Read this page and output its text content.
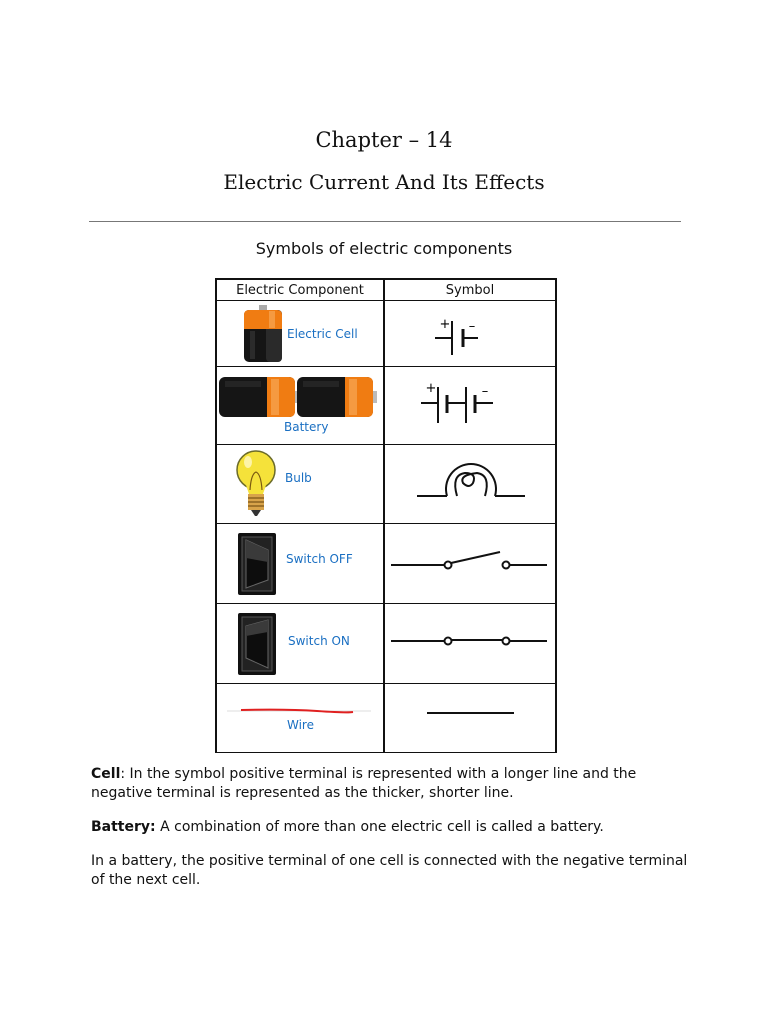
Chapter – 14
Electric Current And Its Effects
Symbols of electric components
Electric Component	Symbol

Electric Cell	+ –

Battery	+ –

Bulb

Switch OFF

Switch ON

Wire

Cell: In the symbol positive terminal is represented with a longer line and the negative terminal is represented as the thicker, shorter line.

Battery: A combination of more than one electric cell is called a battery.

In a battery, the positive terminal of one cell is connected with the negative terminal of the next cell.
